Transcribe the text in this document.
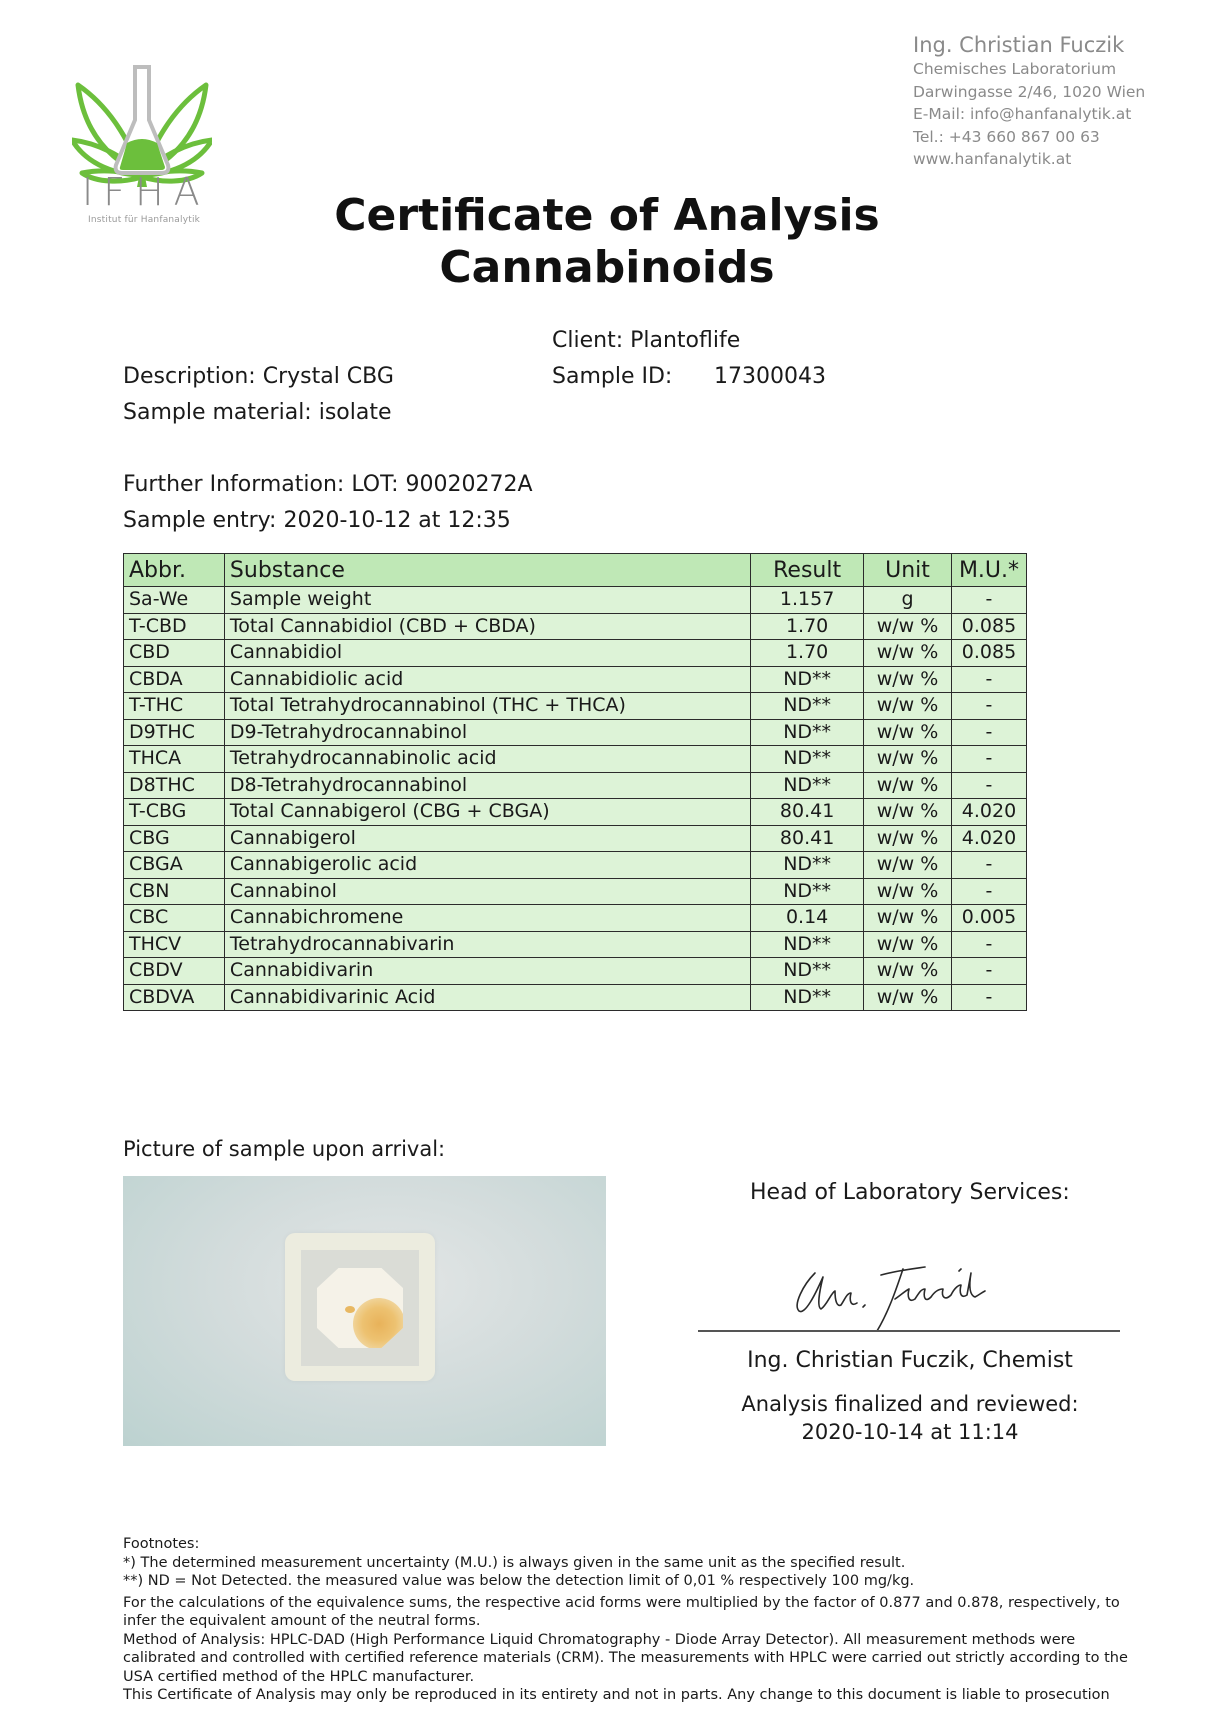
IFHA
Institut für Hanfanalytik
Ing. Christian Fuczik
Chemisches Laboratorium
Darwingasse 2/46, 1020 Wien
E-Mail: info@hanfanalytik.at
Tel.: +43 660 867 00 63
www.hanfanalytik.at
Certificate of Analysis
Cannabinoids
Client: Plantoflife
Sample ID: 17300043
Description: Crystal CBG
Sample material: isolate
Further Information: LOT: 90020272A
Sample entry: 2020-10-12 at 12:35
Abbr.	Substance	Result	Unit	M.U.*
Sa-We	Sample weight	1.157	g	-
T-CBD	Total Cannabidiol (CBD + CBDA)	1.70	w/w %	0.085
CBD	Cannabidiol	1.70	w/w %	0.085
CBDA	Cannabidiolic acid	ND**	w/w %	-
T-THC	Total Tetrahydrocannabinol (THC + THCA)	ND**	w/w %	-
D9THC	D9-Tetrahydrocannabinol	ND**	w/w %	-
THCA	Tetrahydrocannabinolic acid	ND**	w/w %	-
D8THC	D8-Tetrahydrocannabinol	ND**	w/w %	-
T-CBG	Total Cannabigerol (CBG + CBGA)	80.41	w/w %	4.020
CBG	Cannabigerol	80.41	w/w %	4.020
CBGA	Cannabigerolic acid	ND**	w/w %	-
CBN	Cannabinol	ND**	w/w %	-
CBC	Cannabichromene	0.14	w/w %	0.005
THCV	Tetrahydrocannabivarin	ND**	w/w %	-
CBDV	Cannabidivarin	ND**	w/w %	-
CBDVA	Cannabidivarinic Acid	ND**	w/w %	-
Picture of sample upon arrival:
Head of Laboratory Services:
Ing. Christian Fuczik, Chemist
Analysis finalized and reviewed:
2020-10-14 at 11:14

Footnotes:

*) The determined measurement uncertainty (M.U.) is always given in the same unit as the specified result.

**) ND = Not Detected. the measured value was below the detection limit of 0,01 % respectively 100 mg/kg.

For the calculations of the equivalence sums, the respective acid forms were multiplied by the factor of 0.877 and 0.878, respectively, to infer the equivalent amount of the neutral forms.

Method of Analysis: HPLC-DAD (High Performance Liquid Chromatography - Diode Array Detector). All measurement methods were calibrated and controlled with certified reference materials (CRM). The measurements with HPLC were carried out strictly according to the USA certified method of the HPLC manufacturer.

This Certificate of Analysis may only be reproduced in its entirety and not in parts. Any change to this document is liable to prosecution
